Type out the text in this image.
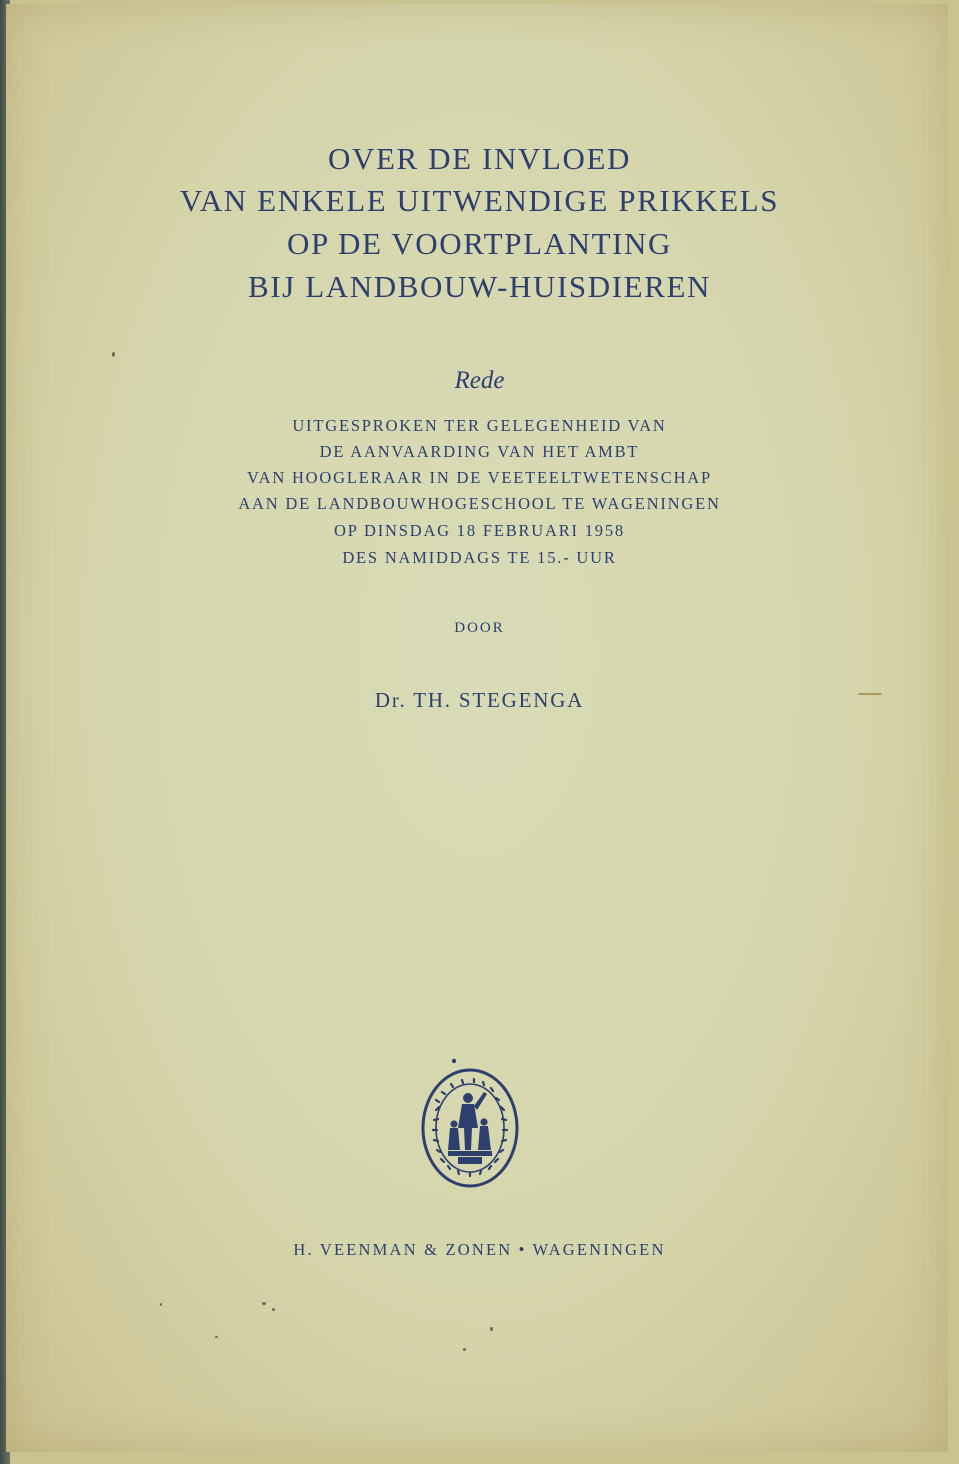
OVER DE INVLOED

VAN ENKELE UITWENDIGE PRIKKELS

OP DE VOORTPLANTING

BIJ LANDBOUW-HUISDIEREN

Rede

UITGESPROKEN TER GELEGENHEID VAN

DE AANVAARDING VAN HET AMBT

VAN HOOGLERAAR IN DE VEETEELTWETENSCHAP

AAN DE LANDBOUWHOGESCHOOL TE WAGENINGEN

OP DINSDAG 18 FEBRUARI 1958

DES NAMIDDAGS TE 15.- UUR

DOOR

Dr. TH. STEGENGA

H. VEENMAN & ZONEN • WAGENINGEN
